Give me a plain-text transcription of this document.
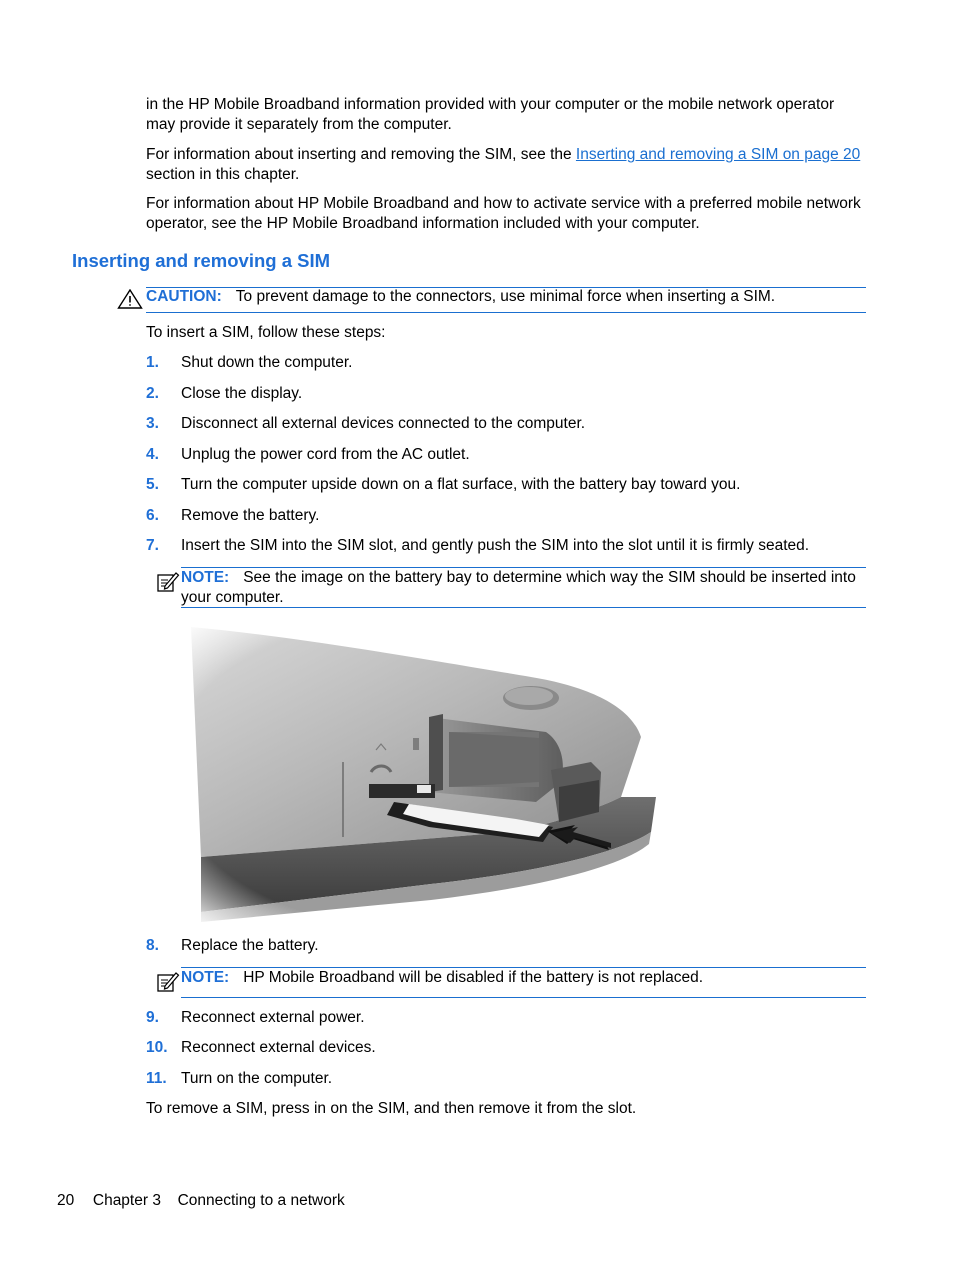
in the HP Mobile Broadband information provided with your computer or the mobile network operator may provide it separately from the computer.

For information about inserting and removing the SIM, see the Inserting and removing a SIM on page 20 section in this chapter.

For information about HP Mobile Broadband and how to activate service with a preferred mobile network operator, see the HP Mobile Broadband information included with your computer.

Inserting and removing a SIM
CAUTION: To prevent damage to the connectors, use minimal force when inserting a SIM.

To insert a SIM, follow these steps:

1. Shut down the computer.
2. Close the display.
3. Disconnect all external devices connected to the computer.
4. Unplug the power cord from the AC outlet.
5. Turn the computer upside down on a flat surface, with the battery bay toward you.
6. Remove the battery.
7. Insert the SIM into the SIM slot, and gently push the SIM into the slot until it is firmly seated.
NOTE: See the image on the battery bay to determine which way the SIM should be inserted into your computer.
8. Replace the battery.
NOTE: HP Mobile Broadband will be disabled if the battery is not replaced.
9. Reconnect external power.
10. Reconnect external devices.
11. Turn on the computer.

To remove a SIM, press in on the SIM, and then remove it from the slot.

20 Chapter 3 Connecting to a network
